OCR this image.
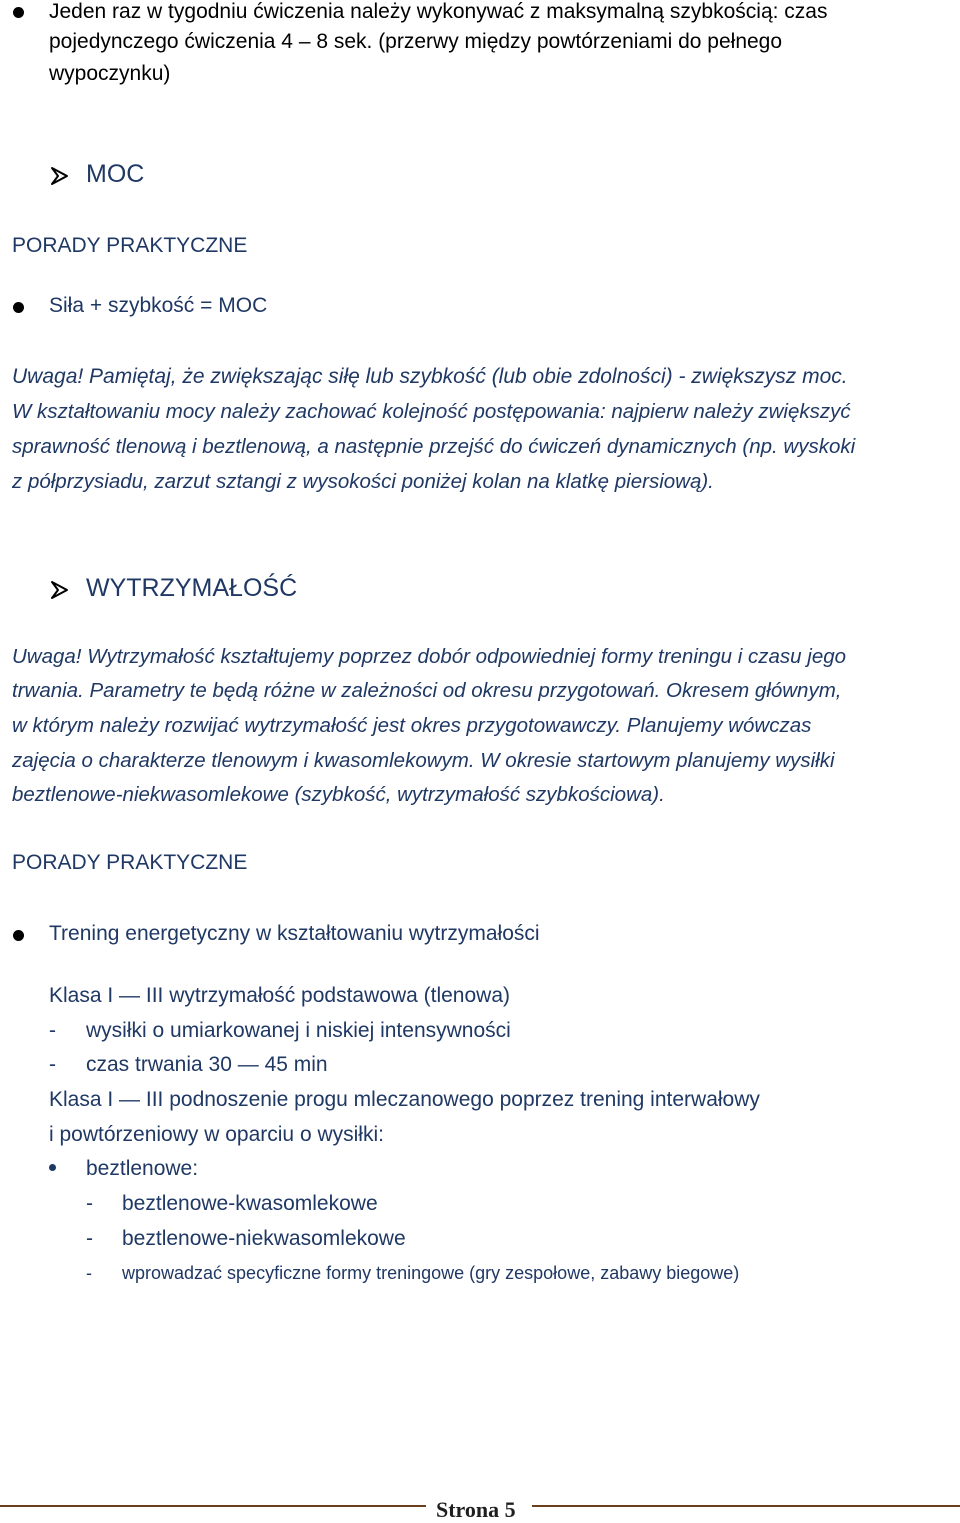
Jeden raz w tygodniu ćwiczenia należy wykonywać z maksymalną szybkością: czas
pojedynczego ćwiczenia 4 – 8 sek. (przerwy między powtórzeniami do pełnego
wypoczynku)
MOC
PORADY PRAKTYCZNE
Siła + szybkość = MOC
Uwaga! Pamiętaj, że zwiększając siłę lub szybkość (lub obie zdolności) - zwiększysz moc.
W kształtowaniu mocy należy zachować kolejność postępowania: najpierw należy zwiększyć
sprawność tlenową i beztlenową, a następnie przejść do ćwiczeń dynamicznych (np. wyskoki
z półprzysiadu, zarzut sztangi z wysokości poniżej kolan na klatkę piersiową).
WYTRZYMAŁOŚĆ
Uwaga! Wytrzymałość kształtujemy poprzez dobór odpowiedniej formy treningu i czasu jego
trwania. Parametry te będą różne w zależności od okresu przygotowań. Okresem głównym,
w którym należy rozwijać wytrzymałość jest okres przygotowawczy. Planujemy wówczas
zajęcia o charakterze tlenowym i kwasomlekowym. W okresie startowym planujemy wysiłki
beztlenowe-niekwasomlekowe (szybkość, wytrzymałość szybkościowa).
PORADY PRAKTYCZNE
Trening energetyczny w kształtowaniu wytrzymałości
Klasa I — III wytrzymałość podstawowa (tlenowa)
- wysiłki o umiarkowanej i niskiej intensywności
- czas trwania 30 — 45 min
Klasa I — III podnoszenie progu mleczanowego poprzez trening interwałowy
i powtórzeniowy w oparciu o wysiłki:
beztlenowe:
- beztlenowe-kwasomlekowe
- beztlenowe-niekwasomlekowe
- wprowadzać specyficzne formy treningowe (gry zespołowe, zabawy biegowe)
Strona 5
